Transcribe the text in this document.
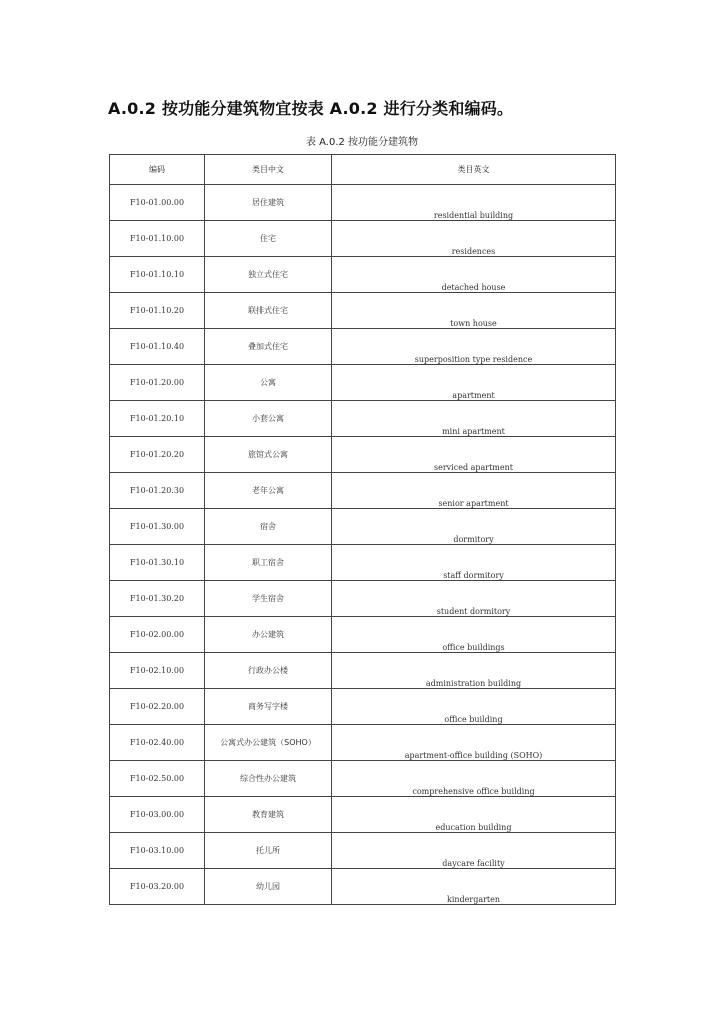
A.0.2 按功能分建筑物宜按表 A.0.2 进行分类和编码。
表 A.0.2 按功能分建筑物
编码	类目中文	类目英文
F10-01.00.00	居住建筑	residential building
F10-01.10.00	住宅	residences
F10-01.10.10	独立式住宅	detached house
F10-01.10.20	联排式住宅	town house
F10-01.10.40	叠加式住宅	superposition type residence
F10-01.20.00	公寓	apartment
F10-01.20.10	小套公寓	mini apartment
F10-01.20.20	旅馆式公寓	serviced apartment
F10-01.20.30	老年公寓	senior apartment
F10-01.30.00	宿舍	dormitory
F10-01.30.10	职工宿舍	staff dormitory
F10-01.30.20	学生宿舍	student dormitory
F10-02.00.00	办公建筑	office buildings
F10-02.10.00	行政办公楼	administration building
F10-02.20.00	商务写字楼	office building
F10-02.40.00	公寓式办公建筑（SOHO）	apartment-office building (SOHO)
F10-02.50.00	综合性办公建筑	comprehensive office building
F10-03.00.00	教育建筑	education building
F10-03.10.00	托儿所	daycare facility
F10-03.20.00	幼儿园	kindergarten
